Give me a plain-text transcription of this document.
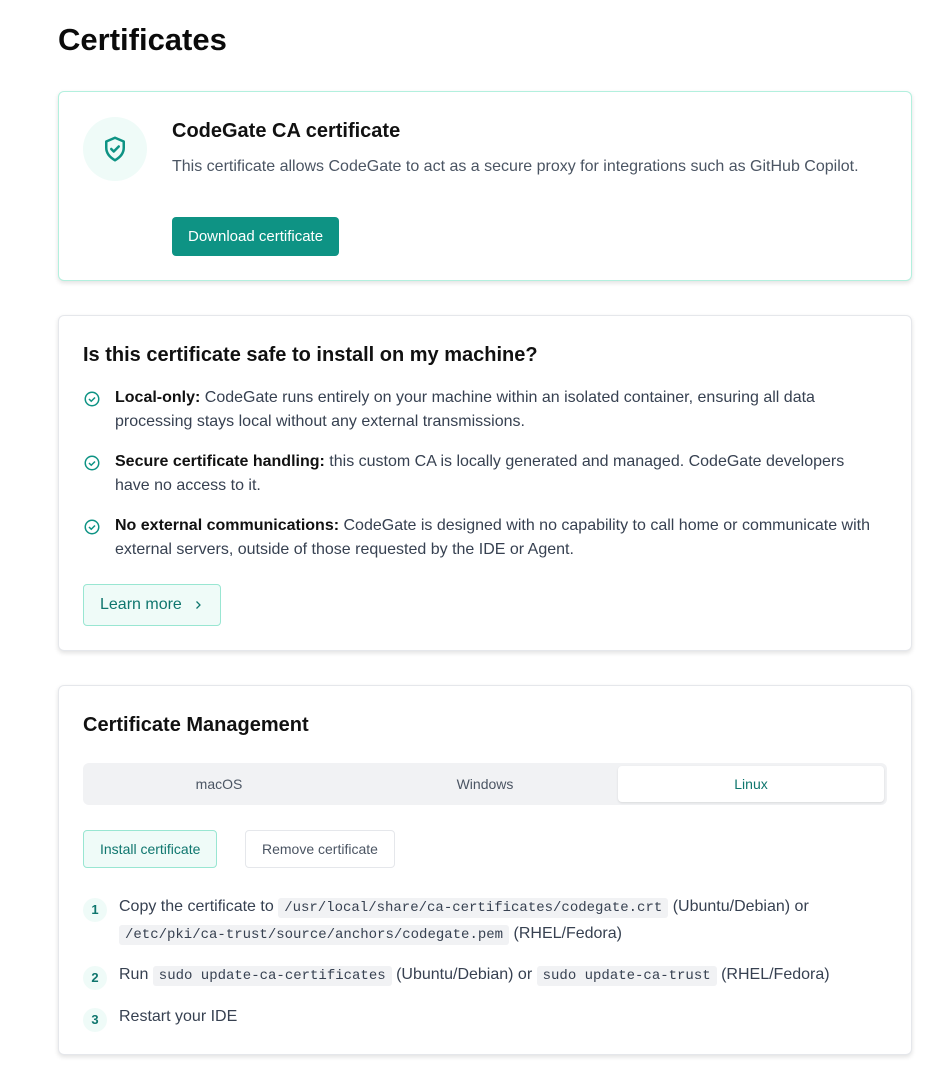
Certificates
CodeGate CA certificate
This certificate allows CodeGate to act as a secure proxy for integrations such as GitHub Copilot.
Download certificate
Is this certificate safe to install on my machine?
Local-only: CodeGate runs entirely on your machine within an isolated container, ensuring all data processing stays local without any external transmissions.
Secure certificate handling: this custom CA is locally generated and managed. CodeGate developers have no access to it.
No external communications: CodeGate is designed with no capability to call home or communicate with external servers, outside of those requested by the IDE or Agent.
Learn more
Certificate Management
macOS	Windows	Linux
Install certificate	Remove certificate
1	Copy the certificate to /usr/local/share/ca-certificates/codegate.crt (Ubuntu/Debian) or /etc/pki/ca-trust/source/anchors/codegate.pem (RHEL/Fedora)
2	Run sudo update-ca-certificates (Ubuntu/Debian) or sudo update-ca-trust (RHEL/Fedora)
3	Restart your IDE
